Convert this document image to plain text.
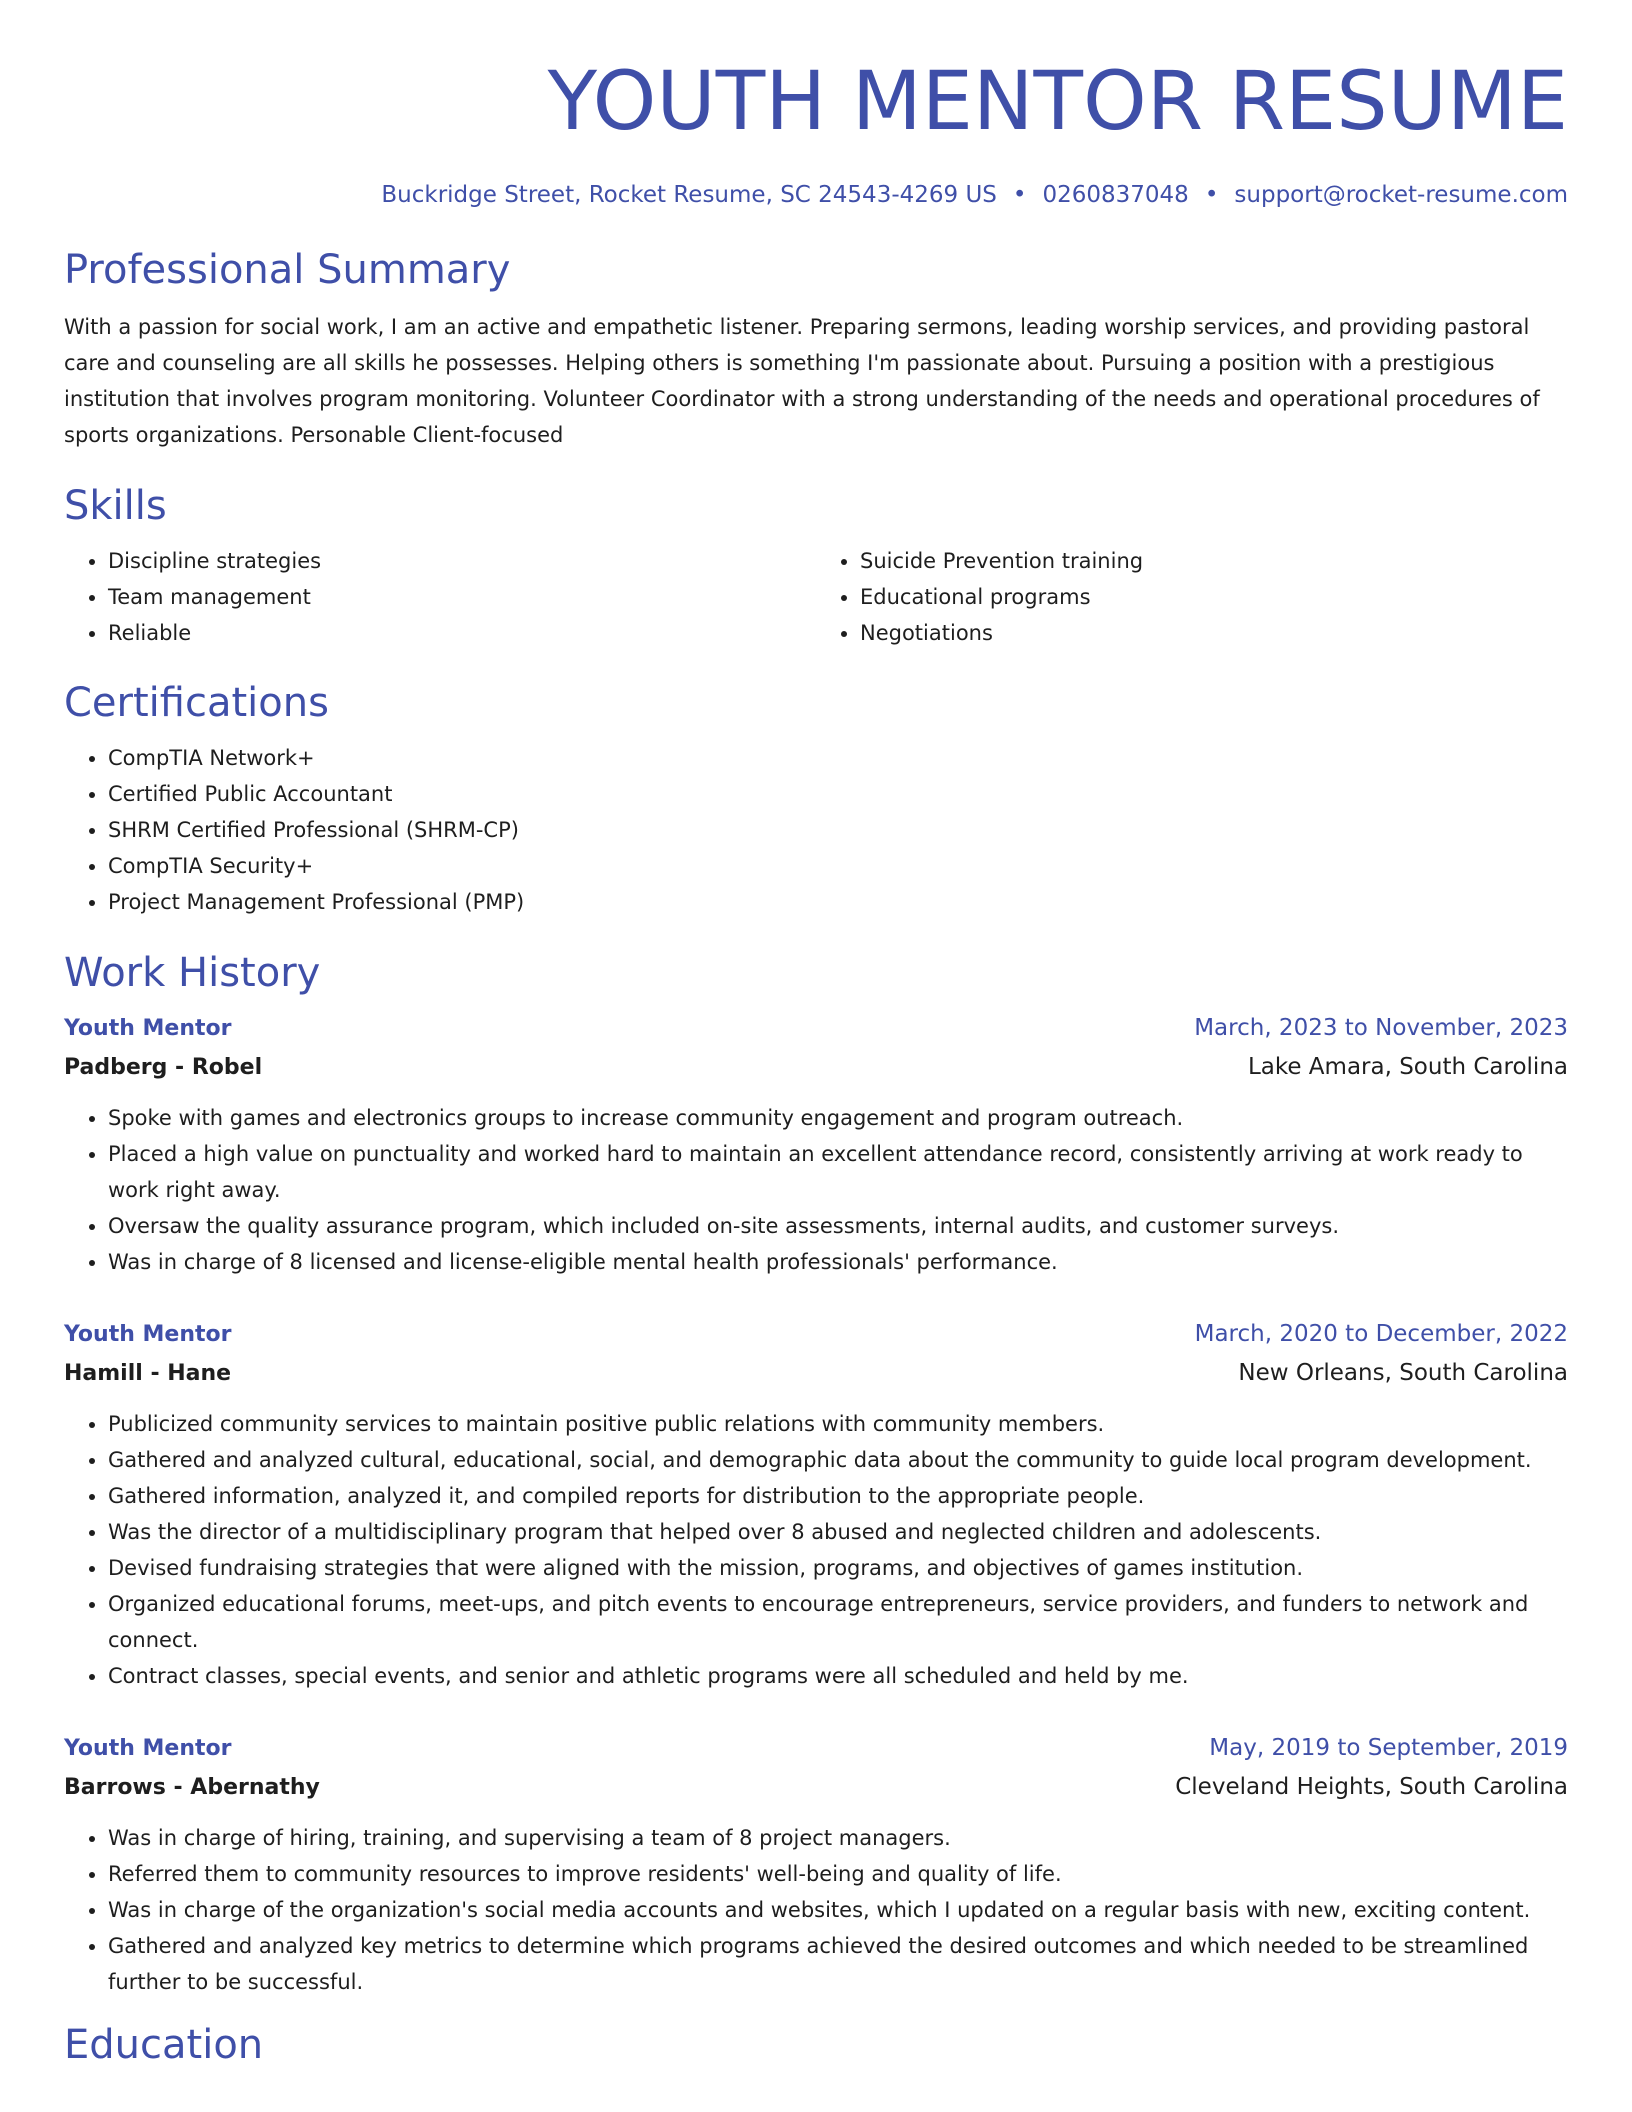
YOUTH MENTOR RESUME
Buckridge Street, Rocket Resume, SC 24543-4269 US • 0260837048 • support@rocket-resume.com
Professional Summary
With a passion for social work, I am an active and empathetic listener. Preparing sermons, leading worship services, and providing pastoral care and counseling are all skills he possesses. Helping others is something I'm passionate about. Pursuing a position with a prestigious institution that involves program monitoring. Volunteer Coordinator with a strong understanding of the needs and operational procedures of sports organizations. Personable Client-focused
Skills
• Discipline strategies
• Team management
• Reliable
• Suicide Prevention training
• Educational programs
• Negotiations
Certifications
• CompTIA Network+
• Certified Public Accountant
• SHRM Certified Professional (SHRM-CP)
• CompTIA Security+
• Project Management Professional (PMP)
Work History
Youth Mentor	March, 2023 to November, 2023
Padberg - Robel	Lake Amara, South Carolina
• Spoke with games and electronics groups to increase community engagement and program outreach.
• Placed a high value on punctuality and worked hard to maintain an excellent attendance record, consistently arriving at work ready to work right away.
• Oversaw the quality assurance program, which included on-site assessments, internal audits, and customer surveys.
• Was in charge of 8 licensed and license-eligible mental health professionals' performance.
Youth Mentor	March, 2020 to December, 2022
Hamill - Hane	New Orleans, South Carolina
• Publicized community services to maintain positive public relations with community members.
• Gathered and analyzed cultural, educational, social, and demographic data about the community to guide local program development.
• Gathered information, analyzed it, and compiled reports for distribution to the appropriate people.
• Was the director of a multidisciplinary program that helped over 8 abused and neglected children and adolescents.
• Devised fundraising strategies that were aligned with the mission, programs, and objectives of games institution.
• Organized educational forums, meet-ups, and pitch events to encourage entrepreneurs, service providers, and funders to network and connect.
• Contract classes, special events, and senior and athletic programs were all scheduled and held by me.
Youth Mentor	May, 2019 to September, 2019
Barrows - Abernathy	Cleveland Heights, South Carolina
• Was in charge of hiring, training, and supervising a team of 8 project managers.
• Referred them to community resources to improve residents' well-being and quality of life.
• Was in charge of the organization's social media accounts and websites, which I updated on a regular basis with new, exciting content.
• Gathered and analyzed key metrics to determine which programs achieved the desired outcomes and which needed to be streamlined further to be successful.
Education
